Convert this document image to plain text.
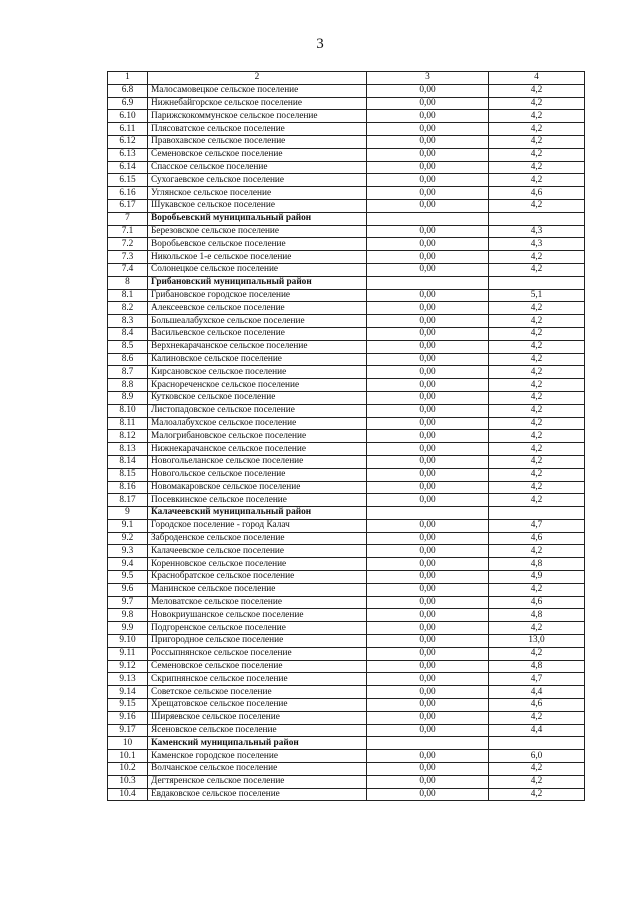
3
1	2	3	4
6.8	Малосамовецкое сельское поселение	0,00	4,2
6.9	Нижнебайгорское сельское поселение	0,00	4,2
6.10	Парижскокоммунское сельское поселение	0,00	4,2
6.11	Плясоватское сельское поселение	0,00	4,2
6.12	Правохавское сельское поселение	0,00	4,2
6.13	Семеновское сельское поселение	0,00	4,2
6.14	Спасское сельское поселение	0,00	4,2
6.15	Сухогаевское сельское поселение	0,00	4,2
6.16	Углянское сельское поселение	0,00	4,6
6.17	Шукавское сельское поселение	0,00	4,2
7	Воробьевский муниципальный район		
7.1	Березовское сельское поселение	0,00	4,3
7.2	Воробьевское сельское поселение	0,00	4,3
7.3	Никольское 1-е сельское поселение	0,00	4,2
7.4	Солонецкое сельское поселение	0,00	4,2
8	Грибановский муниципальный район		
8.1	Грибановское городское поселение	0,00	5,1
8.2	Алексеевское сельское поселение	0,00	4,2
8.3	Большеалабухское сельское поселение	0,00	4,2
8.4	Васильевское сельское поселение	0,00	4,2
8.5	Верхнекарачанское сельское поселение	0,00	4,2
8.6	Калиновское сельское поселение	0,00	4,2
8.7	Кирсановское сельское поселение	0,00	4,2
8.8	Краснореченское сельское поселение	0,00	4,2
8.9	Кутковское сельское поселение	0,00	4,2
8.10	Листопадовское сельское поселение	0,00	4,2
8.11	Малоалабухское сельское поселение	0,00	4,2
8.12	Малогрибановское сельское поселение	0,00	4,2
8.13	Нижнекарачанское сельское поселение	0,00	4,2
8.14	Новогольеланское сельское поселение	0,00	4,2
8.15	Новогольское сельское поселение	0,00	4,2
8.16	Новомакаровское сельское поселение	0,00	4,2
8.17	Посевкинское сельское поселение	0,00	4,2
9	Калачеевский муниципальный район		
9.1	Городское поселение - город Калач	0,00	4,7
9.2	Заброденское сельское поселение	0,00	4,6
9.3	Калачеевское сельское поселение	0,00	4,2
9.4	Коренновское сельское поселение	0,00	4,8
9.5	Краснобратское сельское поселение	0,00	4,9
9.6	Манинское сельское поселение	0,00	4,2
9.7	Меловатское сельское поселение	0,00	4,6
9.8	Новокриушанское сельское поселение	0,00	4,8
9.9	Подгоренское сельское поселение	0,00	4,2
9.10	Пригородное сельское поселение	0,00	13,0
9.11	Россыпнянское сельское поселение	0,00	4,2
9.12	Семеновское сельское поселение	0,00	4,8
9.13	Скрипнянское сельское поселение	0,00	4,7
9.14	Советское сельское поселение	0,00	4,4
9.15	Хрещатовское сельское поселение	0,00	4,6
9.16	Ширяевское сельское поселение	0,00	4,2
9.17	Ясеновское сельское поселение	0,00	4,4
10	Каменский муниципальный район		
10.1	Каменское городское поселение	0,00	6,0
10.2	Волчанское сельское поселение	0,00	4,2
10.3	Дегтяренское сельское поселение	0,00	4,2
10.4	Евдаковское сельское поселение	0,00	4,2
